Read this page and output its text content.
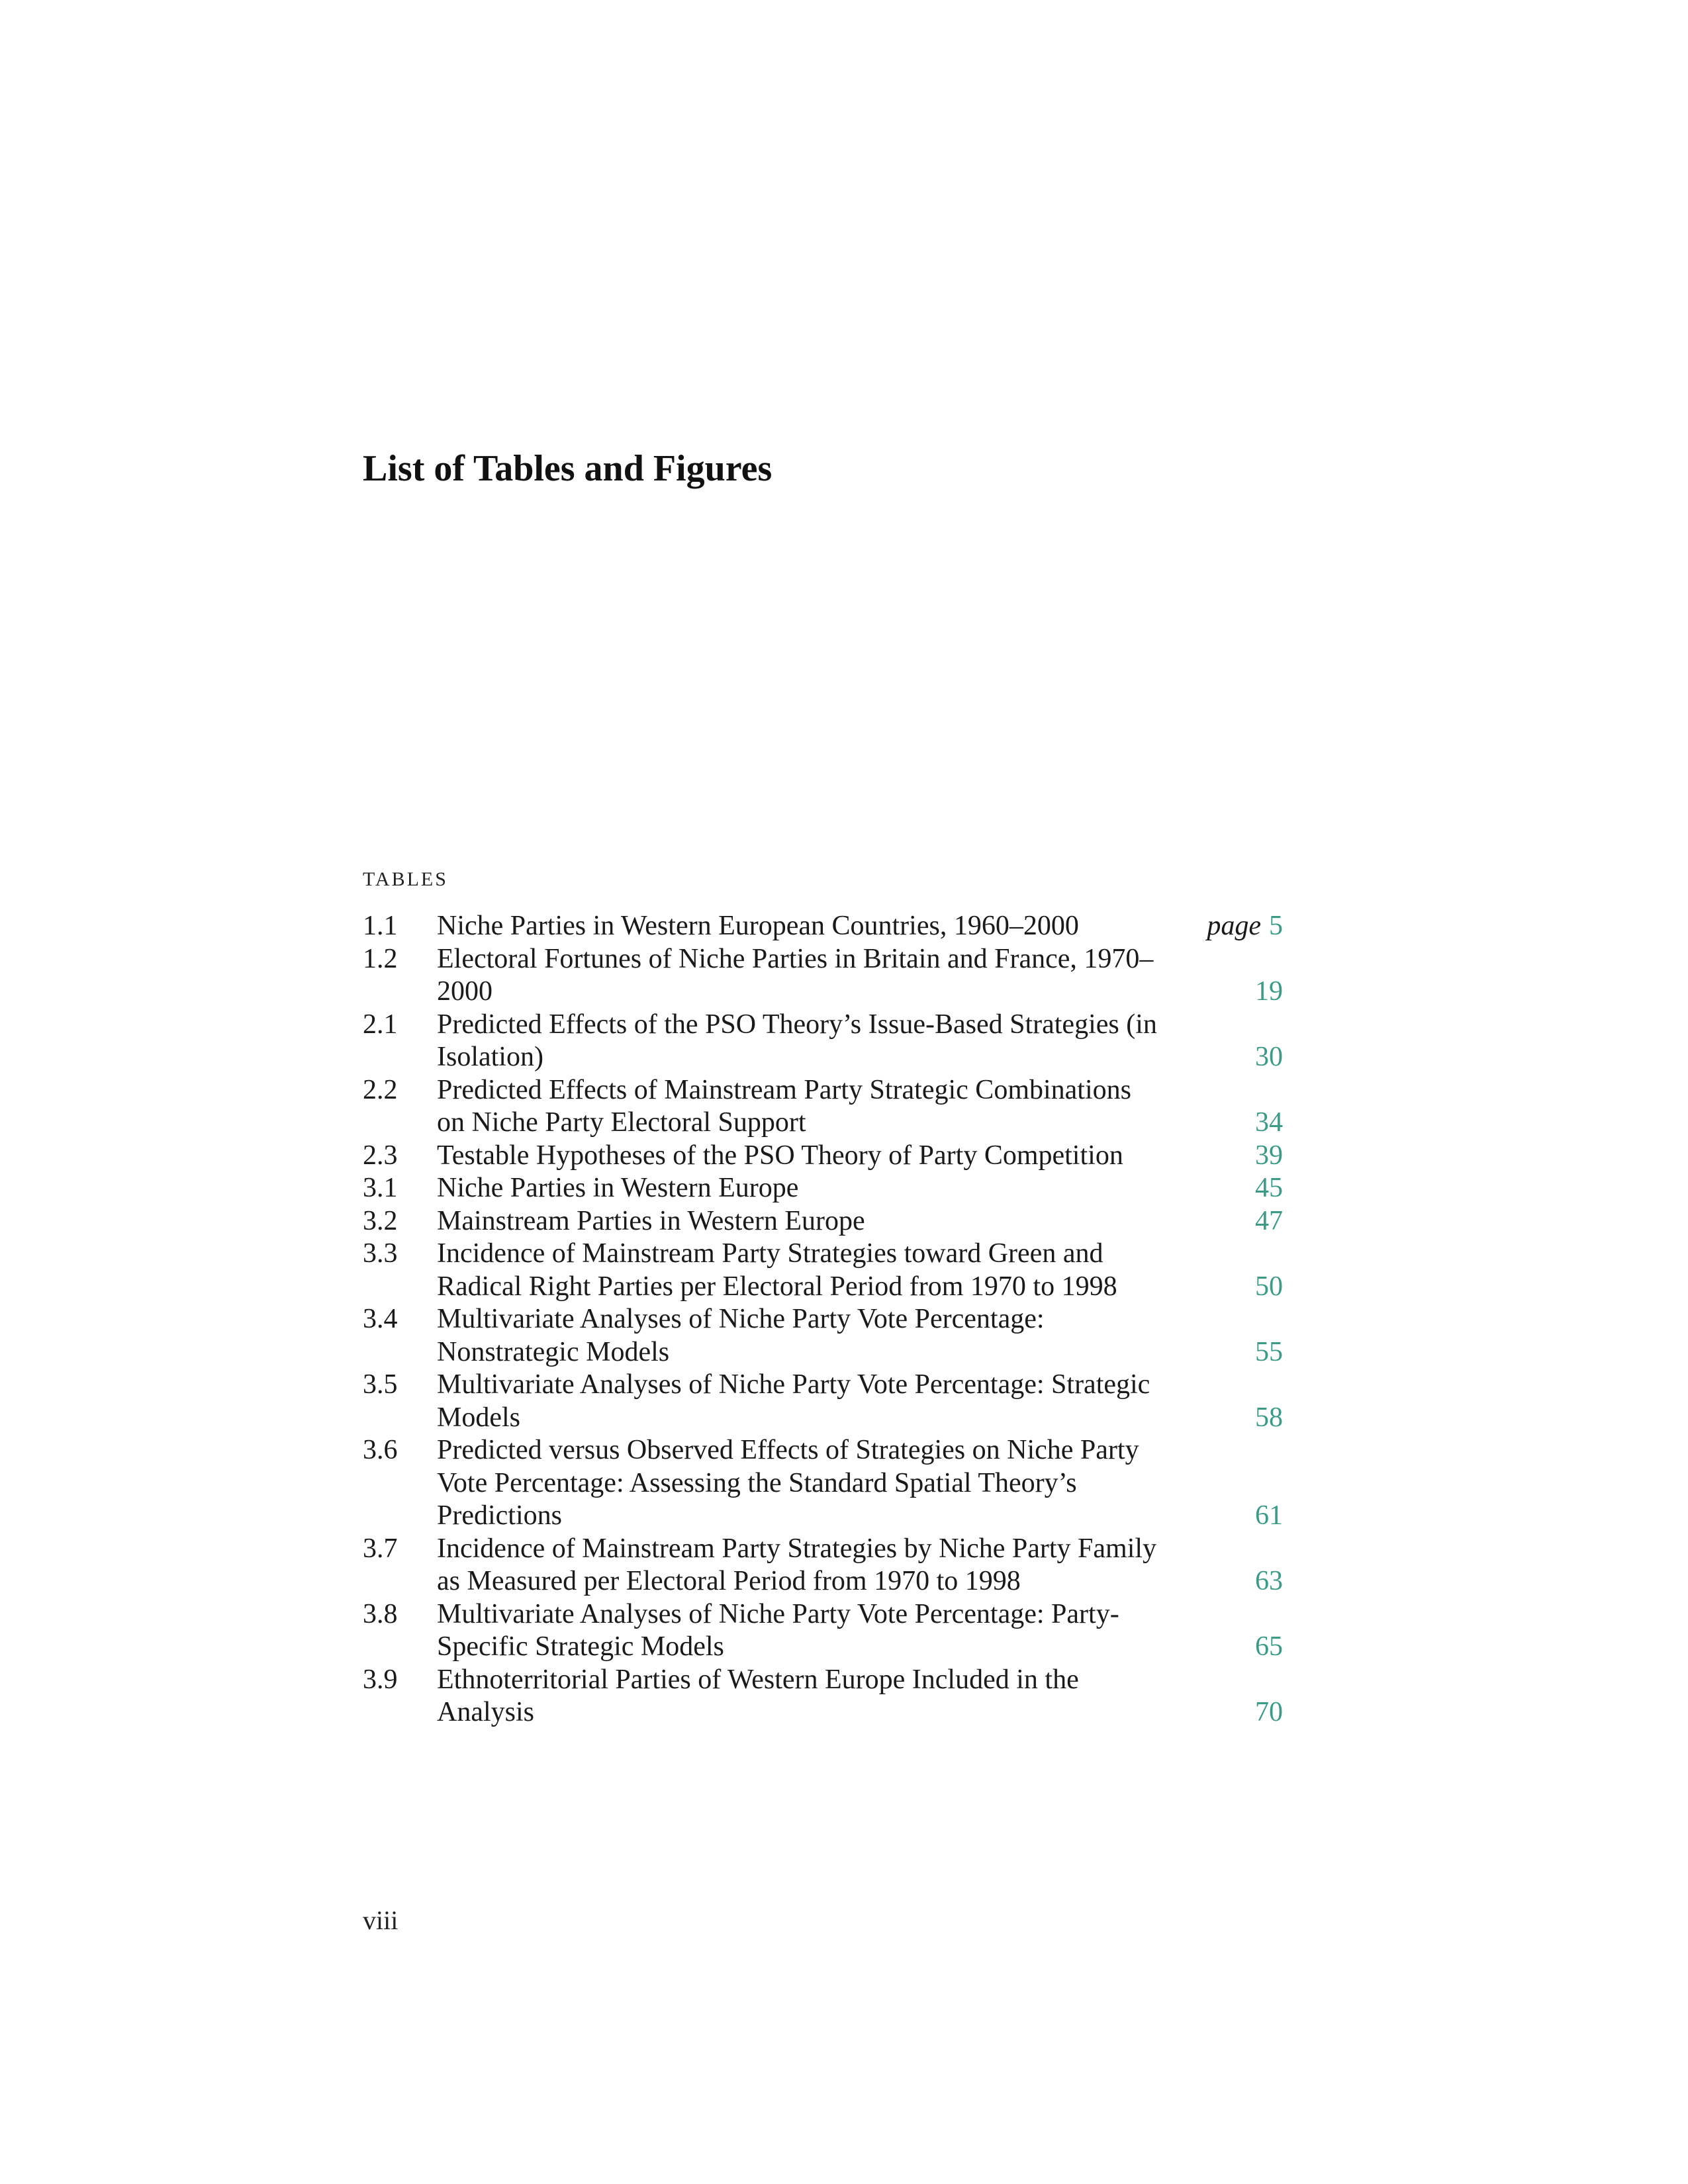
List of Tables and Figures
TABLES
1.1	Niche Parties in Western European Countries, 1960–2000	page 5
1.2	Electoral Fortunes of Niche Parties in Britain and France, 1970–2000	19
2.1	Predicted Effects of the PSO Theory’s Issue-Based Strategies (in Isolation)	30
2.2	Predicted Effects of Mainstream Party Strategic Combinations on Niche Party Electoral Support	34
2.3	Testable Hypotheses of the PSO Theory of Party Competition	39
3.1	Niche Parties in Western Europe	45
3.2	Mainstream Parties in Western Europe	47
3.3	Incidence of Mainstream Party Strategies toward Green and Radical Right Parties per Electoral Period from 1970 to 1998	50
3.4	Multivariate Analyses of Niche Party Vote Percentage: Nonstrategic Models	55
3.5	Multivariate Analyses of Niche Party Vote Percentage: Strategic Models	58
3.6	Predicted versus Observed Effects of Strategies on Niche Party Vote Percentage: Assessing the Standard Spatial Theory’s Predictions	61
3.7	Incidence of Mainstream Party Strategies by Niche Party Family as Measured per Electoral Period from 1970 to 1998	63
3.8	Multivariate Analyses of Niche Party Vote Percentage: Party-Specific Strategic Models	65
3.9	Ethnoterritorial Parties of Western Europe Included in the Analysis	70
viii
